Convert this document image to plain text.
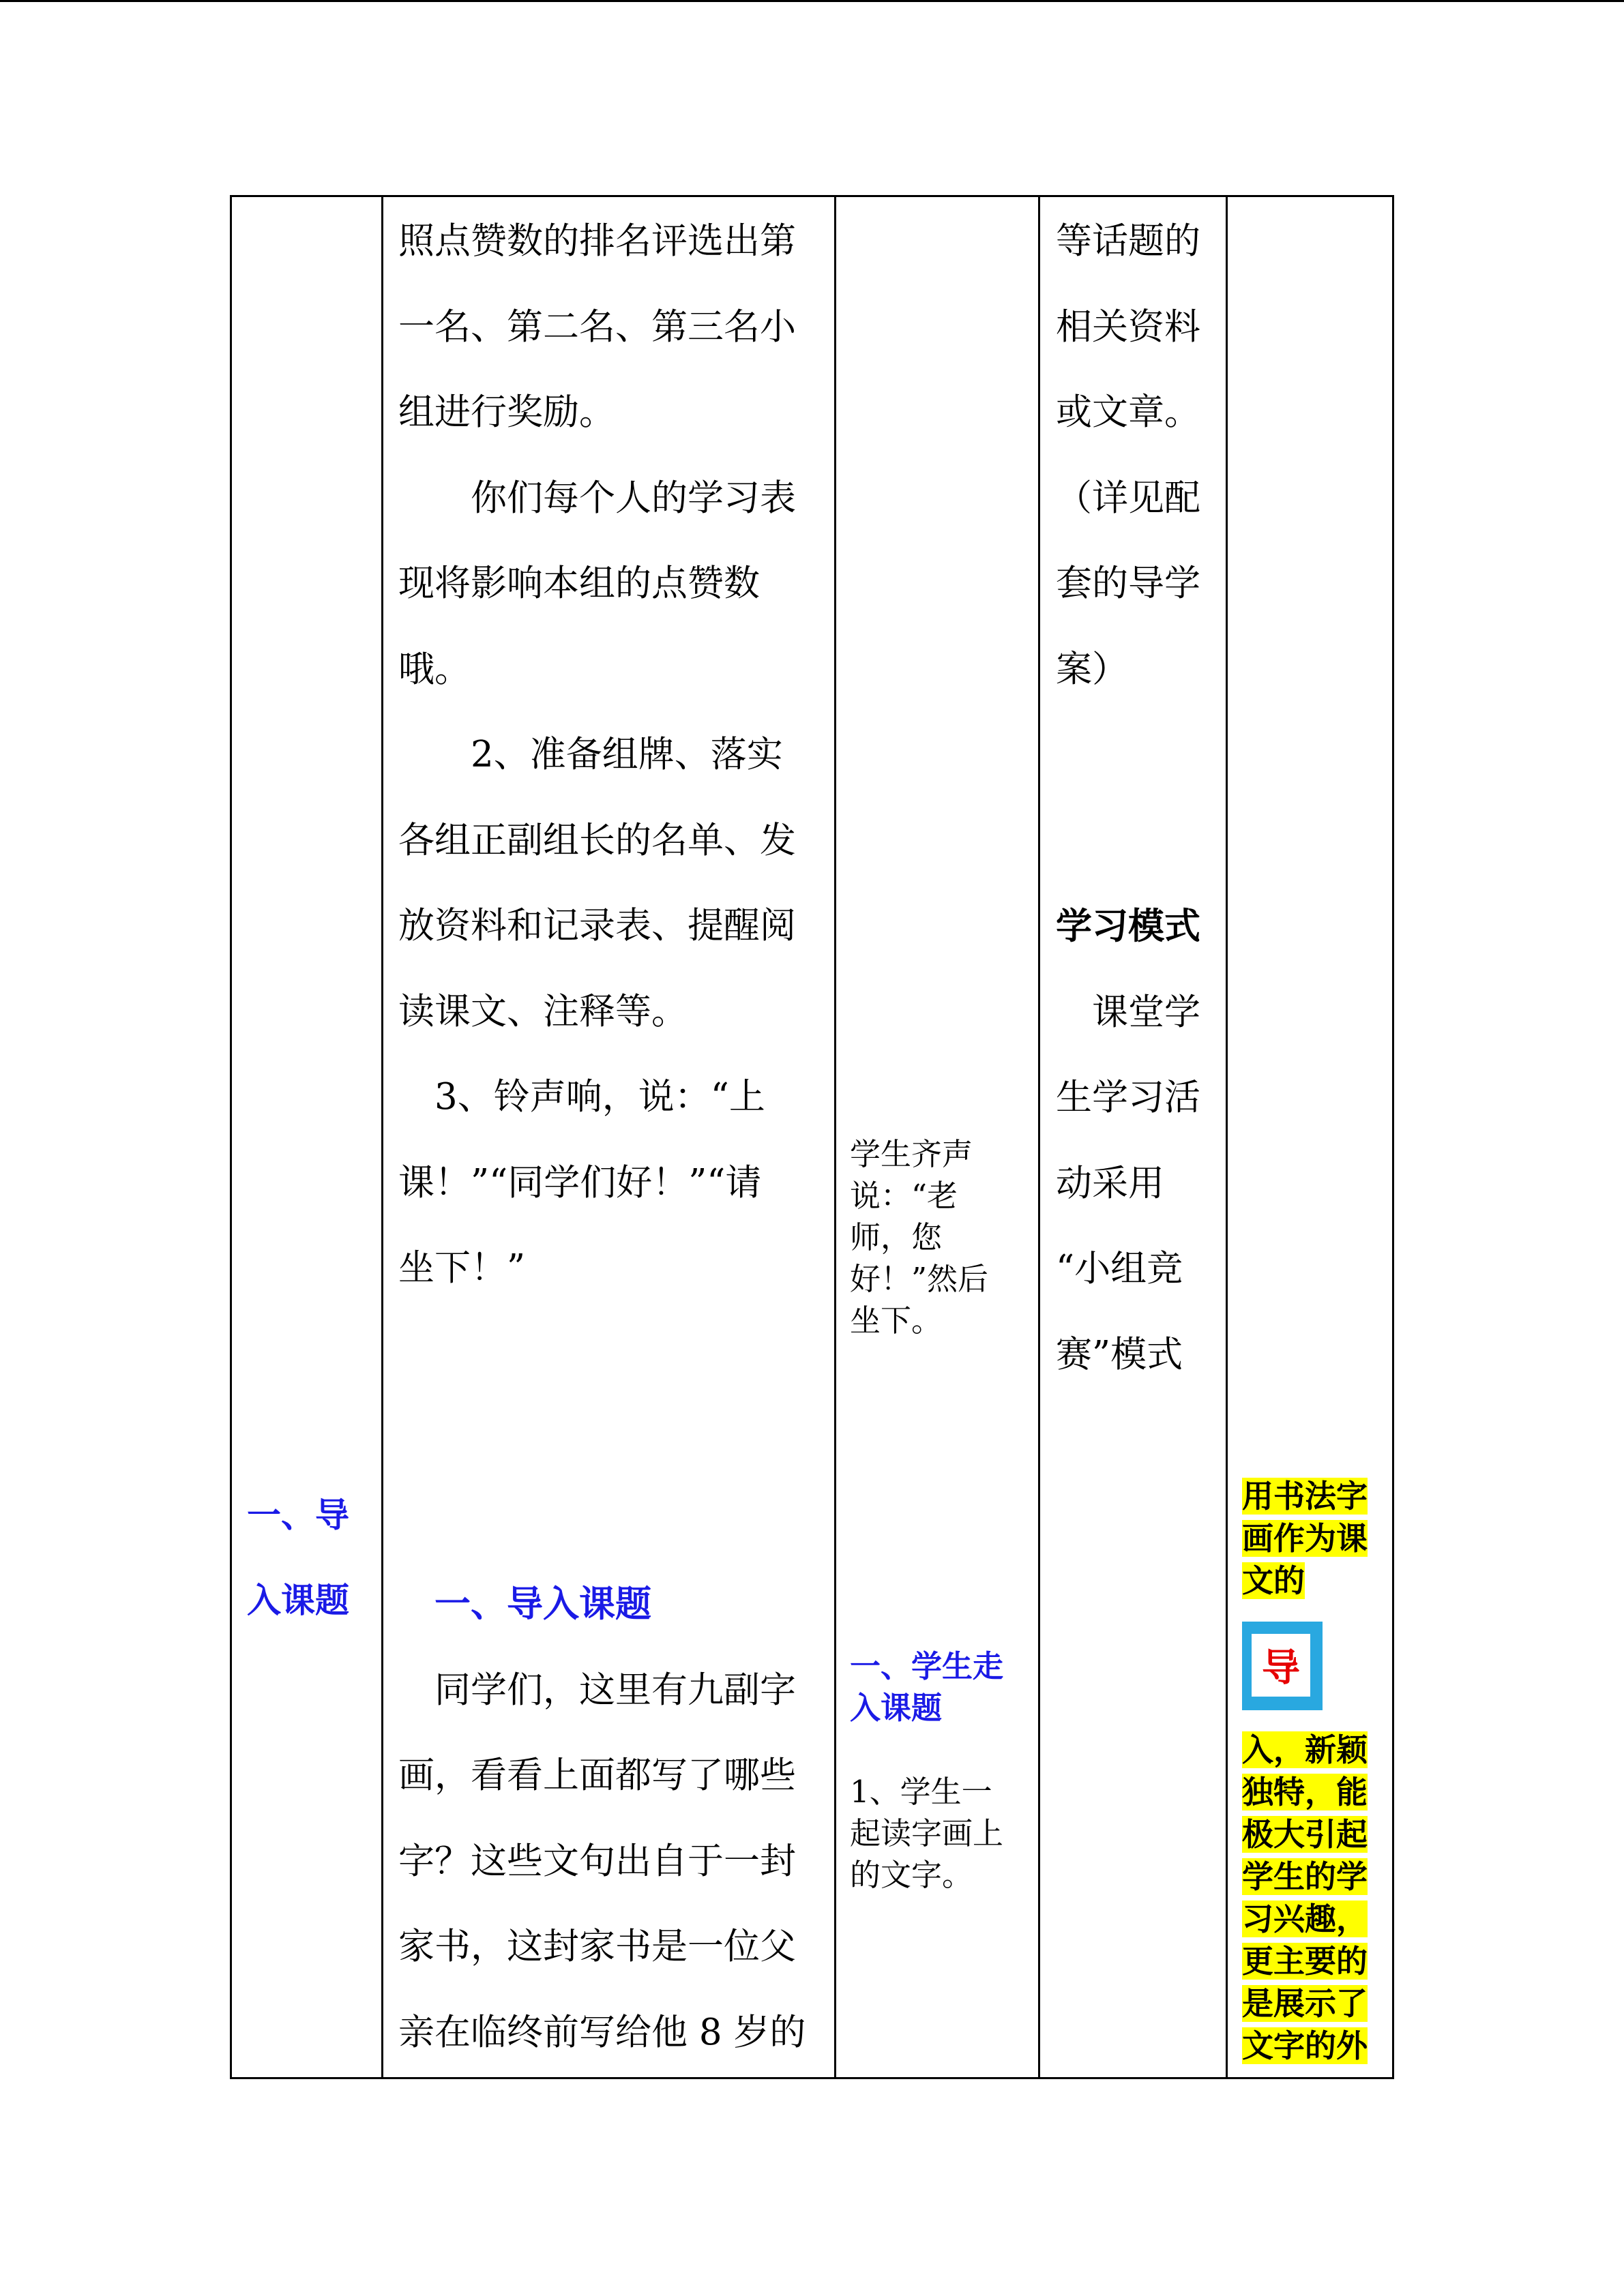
一、导

入课题

照点赞数的排名评选出第

一名、第二名、第三名小

组进行奖励。

你们每个人的学习表

现将影响本组的点赞数

哦。

2、准备组牌、落实

各组正副组长的名单、发

放资料和记录表、提醒阅

读课文、注释等。

3、铃声响，说：“上

课！”“同学们好！”“请

坐下！”

一、导入课题

同学们，这里有九副字

画，看看上面都写了哪些

字？这些文句出自于一封

家书，这封家书是一位父

亲在临终前写给他 8 岁的

学生齐声

说：“老

师，您

好！”然后

坐下。

一、学生走

入课题

1、学生一

起读字画上

的文字。

等话题的

相关资料

或文章。

（详见配

套的导学

案）

学习模式

课堂学

生学习活

动采用

“小组竞

赛”模式

用书法字

画作为课

文的

导

入，新颖

独特，能

极大引起

学生的学

习兴趣，

更主要的

是展示了

文字的外
